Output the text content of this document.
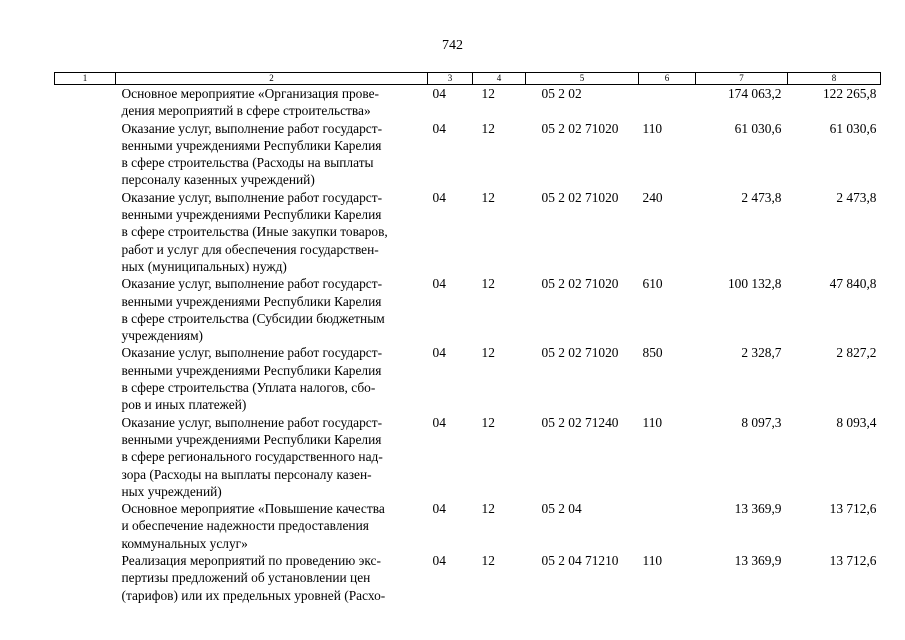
742
1	2	3	4	5	6	7	8

	Основное мероприятие «Организация прове-
дения мероприятий в сфере строительства»	04	12	05 2 02		174 063,2	122 265,8

	Оказание услуг, выполнение работ государст-
венными учреждениями Республики Карелия
в сфере строительства (Расходы на выплаты
персоналу казенных учреждений)	04	12	05 2 02 71020	110	61 030,6	61 030,6

	Оказание услуг, выполнение работ государст-
венными учреждениями Республики Карелия
в сфере строительства (Иные закупки товаров,
работ и услуг для обеспечения государствен-
ных (муниципальных) нужд)	04	12	05 2 02 71020	240	2 473,8	2 473,8

	Оказание услуг, выполнение работ государст-
венными учреждениями Республики Карелия
в сфере строительства (Субсидии бюджетным
учреждениям)	04	12	05 2 02 71020	610	100 132,8	47 840,8

	Оказание услуг, выполнение работ государст-
венными учреждениями Республики Карелия
в сфере строительства (Уплата налогов, сбо-
ров и иных платежей)	04	12	05 2 02 71020	850	2 328,7	2 827,2

	Оказание услуг, выполнение работ государст-
венными учреждениями Республики Карелия
в сфере регионального государственного над-
зора (Расходы на выплаты персоналу казен-
ных учреждений)	04	12	05 2 02 71240	110	8 097,3	8 093,4

	Основное мероприятие «Повышение качества
и обеспечение надежности предоставления
коммунальных услуг»	04	12	05 2 04		13 369,9	13 712,6

	Реализация мероприятий по проведению экс-
пертизы предложений об установлении цен
(тарифов) или их предельных уровней (Расхо-	04	12	05 2 04 71210	110	13 369,9	13 712,6
